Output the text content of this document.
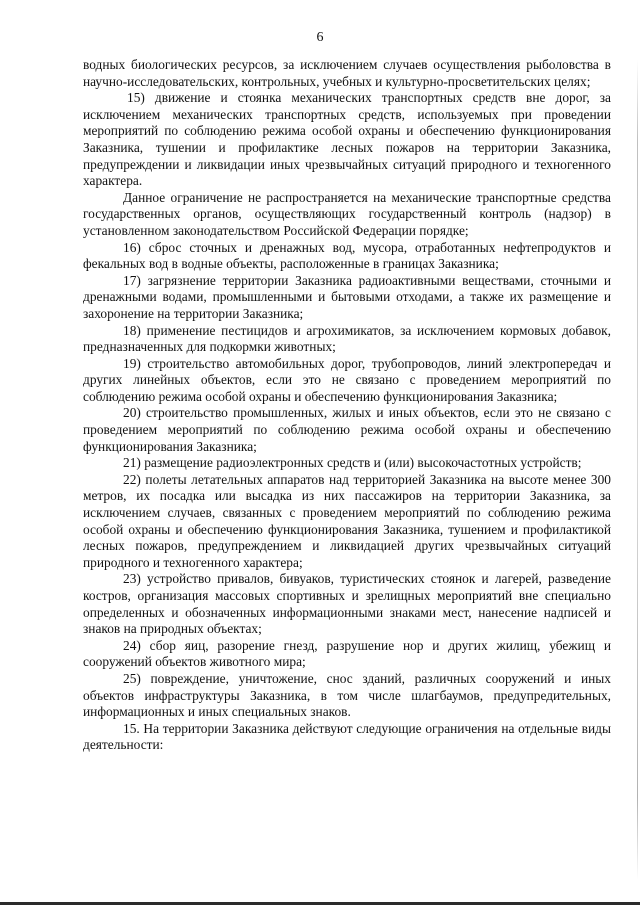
6

водных биологических ресурсов, за исключением случаев осуществления рыболовства в научно-исследовательских, контрольных, учебных и культурно-просветительских целях;

15) движение и стоянка механических транспортных средств вне дорог, за исключением механических транспортных средств, используемых при проведении мероприятий по соблюдению режима особой охраны и обеспечению функционирования Заказника, тушении и профилактике лесных пожаров на территории Заказника, предупреждении и ликвидации иных чрезвычайных ситуаций природного и техногенного характера.

Данное ограничение не распространяется на механические транспортные средства государственных органов, осуществляющих государственный контроль (надзор) в установленном законодательством Российской Федерации порядке;

16) сброс сточных и дренажных вод, мусора, отработанных нефтепродуктов и фекальных вод в водные объекты, расположенные в границах Заказника;

17) загрязнение территории Заказника радиоактивными веществами, сточными и дренажными водами, промышленными и бытовыми отходами, а также их размещение и захоронение на территории Заказника;

18) применение пестицидов и агрохимикатов, за исключением кормовых добавок, предназначенных для подкормки животных;

19) строительство автомобильных дорог, трубопроводов, линий электропередач и других линейных объектов, если это не связано с проведением мероприятий по соблюдению режима особой охраны и обеспечению функционирования Заказника;

20) строительство промышленных, жилых и иных объектов, если это не связано с проведением мероприятий по соблюдению режима особой охраны и обеспечению функционирования Заказника;

21) размещение радиоэлектронных средств и (или) высокочастотных устройств;

22) полеты летательных аппаратов над территорией Заказника на высоте менее 300 метров, их посадка или высадка из них пассажиров на территории Заказника, за исключением случаев, связанных с проведением мероприятий по соблюдению режима особой охраны и обеспечению функционирования Заказника, тушением и профилактикой лесных пожаров, предупреждением и ликвидацией других чрезвычайных ситуаций природного и техногенного характера;

23) устройство привалов, бивуаков, туристических стоянок и лагерей, разведение костров, организация массовых спортивных и зрелищных мероприятий вне специально определенных и обозначенных информационными знаками мест, нанесение надписей и знаков на природных объектах;

24) сбор яиц, разорение гнезд, разрушение нор и других жилищ, убежищ и сооружений объектов животного мира;

25) повреждение, уничтожение, снос зданий, различных сооружений и иных объектов инфраструктуры Заказника, в том числе шлагбаумов, предупредительных, информационных и иных специальных знаков.

15. На территории Заказника действуют следующие ограничения на отдельные виды деятельности:
